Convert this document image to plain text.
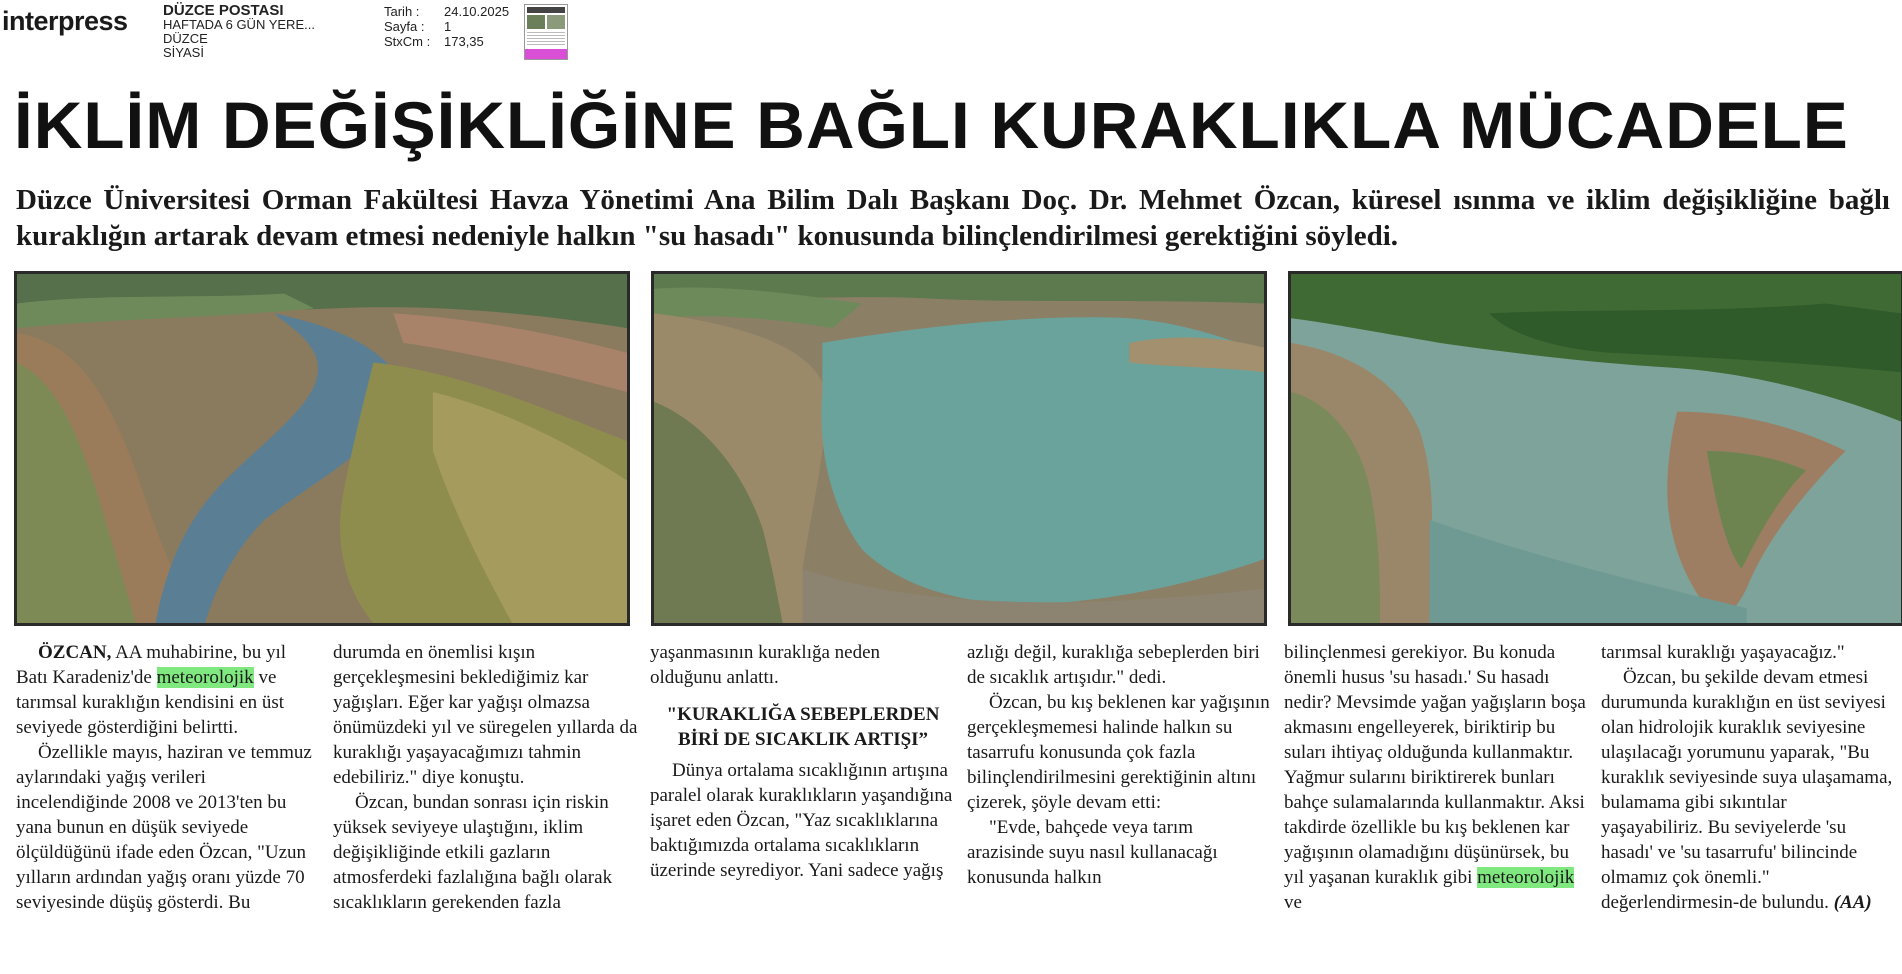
interpress DÜZCE POSTASI
HAFTADA 6 GÜN YERE...
DÜZCE
SİYASİ
Tarih :	24.10.2025
Sayfa :	1
StxCm :	173,35
İKLİM DEĞİŞİKLİĞİNE BAĞLI KURAKLIKLA MÜCADELE
Düzce Üniversitesi Orman Fakültesi Havza Yönetimi Ana Bilim Dalı Başkanı Doç. Dr. Mehmet Özcan, küresel ısınma ve iklim değişikliğine bağlı kuraklığın artarak devam etmesi nedeniyle halkın "su hasadı" konusunda bilinçlendirilmesi gerektiğini söyledi.

ÖZCAN, AA muhabirine, bu yıl Batı Karadeniz'de meteorolojik ve tarımsal kuraklığın kendisini en üst seviyede gösterdiğini belirtti.

Özellikle mayıs, haziran ve temmuz aylarındaki yağış verileri incelendiğinde 2008 ve 2013'ten bu yana bunun en düşük seviyede ölçüldüğünü ifade eden Özcan, "Uzun yılların ardından yağış oranı yüzde 70 seviyesinde düşüş gösterdi. Bu

durumda en önemlisi kışın gerçekleşmesini beklediğimiz kar yağışları. Eğer kar yağışı olmazsa önümüzdeki yıl ve süregelen yıllarda da kuraklığı yaşayacağımızı tahmin edebiliriz." diye konuştu.

Özcan, bundan sonrası için riskin yüksek seviyeye ulaştığını, iklim değişikliğinde etkili gazların atmosferdeki fazlalığına bağlı olarak sıcaklıkların gerekenden fazla

yaşanmasının kuraklığa neden olduğunu anlattı.

"KURAKLIĞA SEBEPLERDEN BİRİ DE SICAKLIK ARTIŞI”

Dünya ortalama sıcaklığının artışına paralel olarak kuraklıkların yaşandığına işaret eden Özcan, "Yaz sıcaklıklarına baktığımızda ortalama sıcaklıkların üzerinde seyrediyor. Yani sadece yağış

azlığı değil, kuraklığa sebeplerden biri de sıcaklık artışıdır." dedi.

Özcan, bu kış beklenen kar yağışının gerçekleşmemesi halinde halkın su tasarrufu konusunda çok fazla bilinçlendirilmesini gerektiğinin altını çizerek, şöyle devam etti:

"Evde, bahçede veya tarım arazisinde suyu nasıl kullanacağı konusunda halkın

bilinçlenmesi gerekiyor. Bu konuda önemli husus 'su hasadı.' Su hasadı nedir? Mevsimde yağan yağışların boşa akmasını engelleyerek, biriktirip bu suları ihtiyaç olduğunda kullanmaktır. Yağmur sularını biriktirerek bunları bahçe sulamalarında kullanmaktır. Aksi takdirde özellikle bu kış beklenen kar yağışının olamadığını düşünürsek, bu yıl yaşanan kuraklık gibi meteorolojik ve

tarımsal kuraklığı yaşayacağız."

Özcan, bu şekilde devam etmesi durumunda kuraklığın en üst seviyesi olan hidrolojik kuraklık seviyesine ulaşılacağı yorumunu yaparak, "Bu kuraklık seviyesinde suya ulaşamama, bulamama gibi sıkıntılar yaşayabiliriz. Bu seviyelerde 'su hasadı' ve 'su tasarrufu' bilincinde olmamız çok önemli." değerlendirmesin-de bulundu. (AA)
